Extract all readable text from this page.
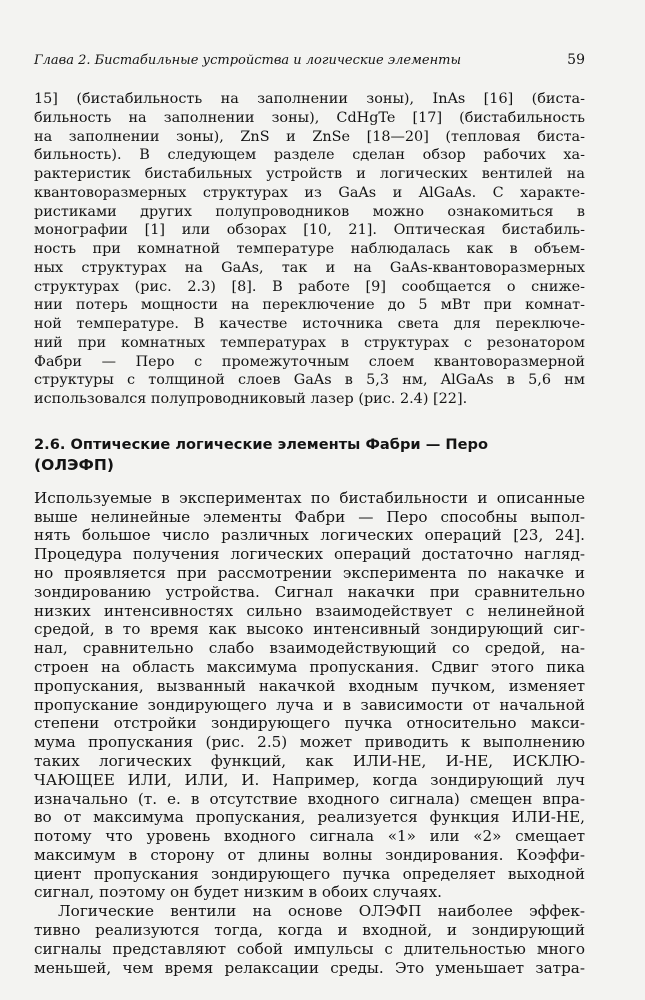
Глава 2. Бистабильные устройства и логические элементы	59

15] (бистабильность на заполнении зоны), InAs [16] (биста-
бильность на заполнении зоны), CdHgTe [17] (бистабильность
на заполнении зоны), ZnS и ZnSe [18—20] (тепловая биста-
бильность). В следующем разделе сделан обзор рабочих ха-
рактеристик бистабильных устройств и логических вентилей на
квантоворазмерных структурах из GaAs и AlGaAs. С характе-
ристиками других полупроводников можно ознакомиться в
монографии [1] или обзорах [10, 21]. Оптическая бистабиль-
ность при комнатной температуре наблюдалась как в объем-
ных структурах на GaAs, так и на GaAs-квантоворазмерных
структурах (рис. 2.3) [8]. В работе [9] сообщается о сниже-
нии потерь мощности на переключение до 5 мВт при комнат-
ной температуре. В качестве источника света для переключе-
ний при комнатных температурах в структурах с резонатором
Фабри — Перо с промежуточным слоем квантоворазмерной
структуры с толщиной слоев GaAs в 5,3 нм, AlGaAs в 5,6 нм
использовался полупроводниковый лазер (рис. 2.4) [22].

2.6. Оптические логические элементы Фабри — Перо
(ОЛЭФП)

Используемые в экспериментах по бистабильности и описанные
выше нелинейные элементы Фабри — Перо способны выпол-
нять большое число различных логических операций [23, 24].
Процедура получения логических операций достаточно нагляд-
но проявляется при рассмотрении эксперимента по накачке и
зондированию устройства. Сигнал накачки при сравнительно
низких интенсивностях сильно взаимодействует с нелинейной
средой, в то время как высоко интенсивный зондирующий сиг-
нал, сравнительно слабо взаимодействующий со средой, на-
строен на область максимума пропускания. Сдвиг этого пика
пропускания, вызванный накачкой входным пучком, изменяет
пропускание зондирующего луча и в зависимости от начальной
степени отстройки зондирующего пучка относительно макси-
мума пропускания (рис. 2.5) может приводить к выполнению
таких логических функций, как ИЛИ-НЕ, И-НЕ, ИСКЛЮ-
ЧАЮЩЕЕ ИЛИ, ИЛИ, И. Например, когда зондирующий луч
изначально (т. е. в отсутствие входного сигнала) смещен впра-
во от максимума пропускания, реализуется функция ИЛИ-НЕ,
потому что уровень входного сигнала «1» или «2» смещает
максимум в сторону от длины волны зондирования. Коэффи-
циент пропускания зондирующего пучка определяет выходной
сигнал, поэтому он будет низким в обоих случаях.

Логические вентили на основе ОЛЭФП наиболее эффек-
тивно реализуются тогда, когда и входной, и зондирующий
сигналы представляют собой импульсы с длительностью много
меньшей, чем время релаксации среды. Это уменьшает затра-
